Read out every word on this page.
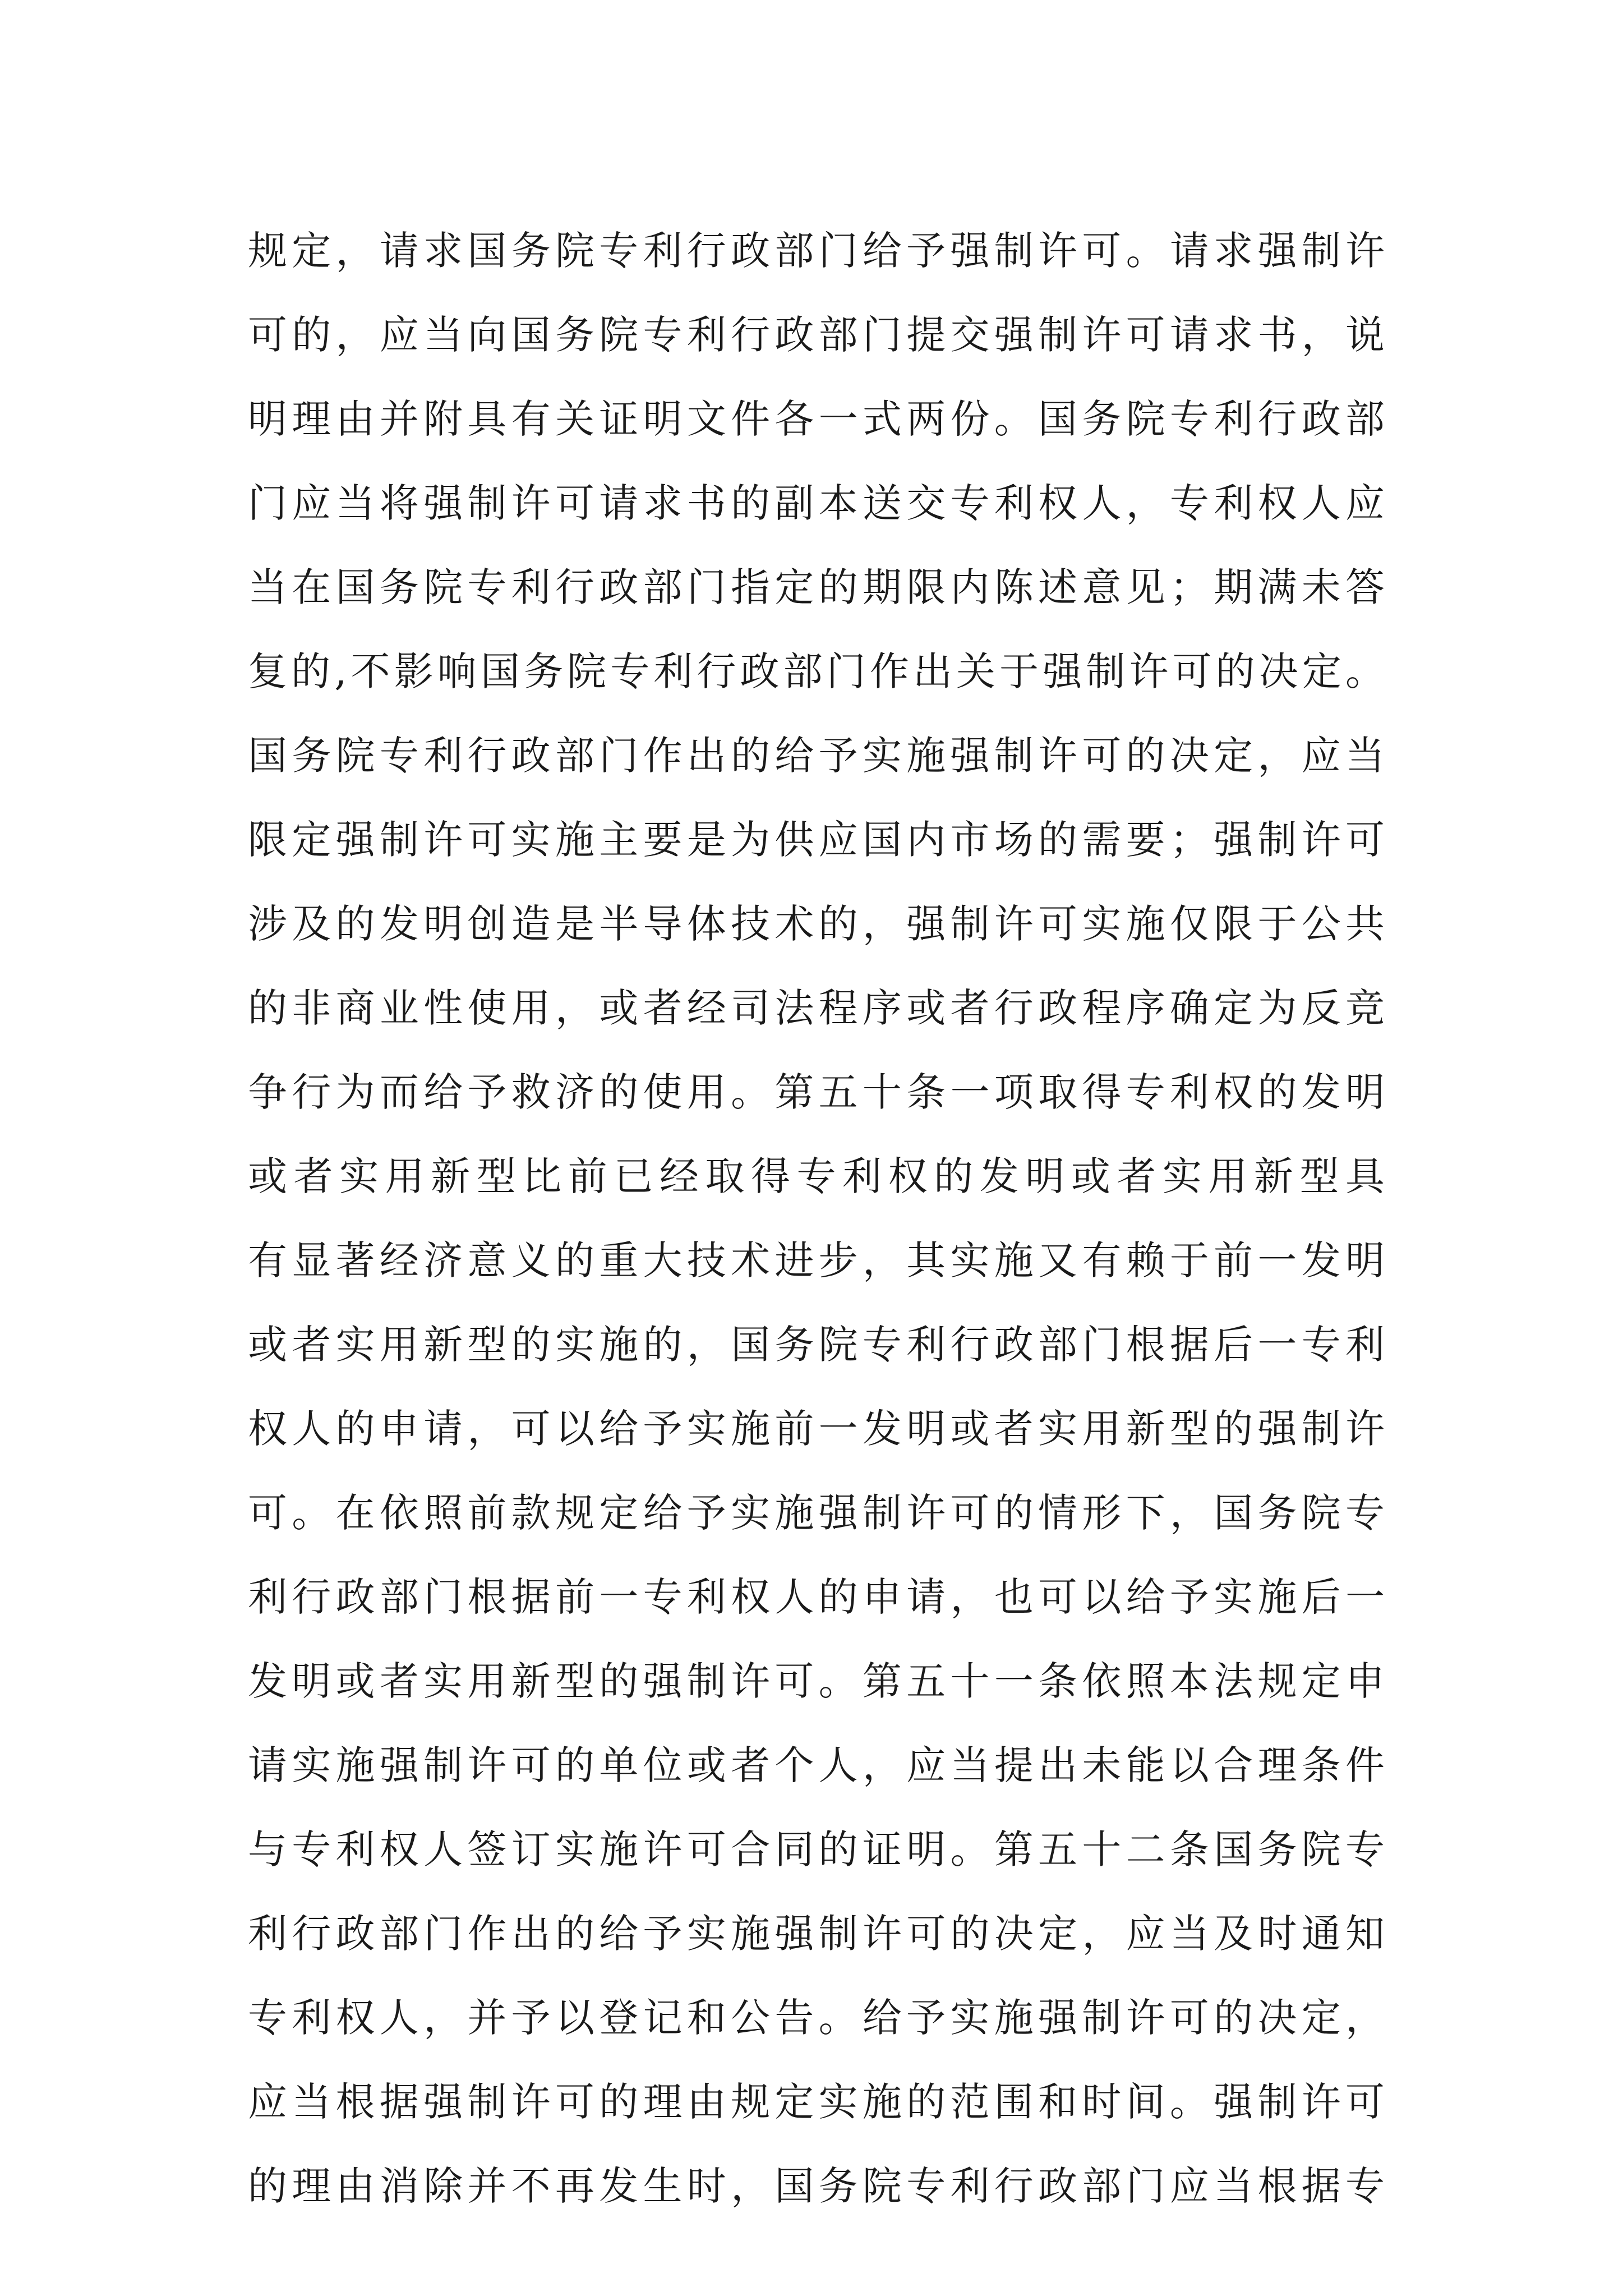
规定，请求国务院专利行政部门给予强制许可。请求强制许
可的，应当向国务院专利行政部门提交强制许可请求书，说
明理由并附具有关证明文件各一式两份。国务院专利行政部
门应当将强制许可请求书的副本送交专利权人，专利权人应
当在国务院专利行政部门指定的期限内陈述意见；期满未答
复的,不影响国务院专利行政部门作出关于强制许可的决定。
国务院专利行政部门作出的给予实施强制许可的决定，应当
限定强制许可实施主要是为供应国内市场的需要；强制许可
涉及的发明创造是半导体技术的，强制许可实施仅限于公共
的非商业性使用，或者经司法程序或者行政程序确定为反竞
争行为而给予救济的使用。第五十条一项取得专利权的发明
或者实用新型比前已经取得专利权的发明或者实用新型具
有显著经济意义的重大技术进步，其实施又有赖于前一发明
或者实用新型的实施的，国务院专利行政部门根据后一专利
权人的申请，可以给予实施前一发明或者实用新型的强制许
可。在依照前款规定给予实施强制许可的情形下，国务院专
利行政部门根据前一专利权人的申请，也可以给予实施后一
发明或者实用新型的强制许可。第五十一条依照本法规定申
请实施强制许可的单位或者个人，应当提出未能以合理条件
与专利权人签订实施许可合同的证明。第五十二条国务院专
利行政部门作出的给予实施强制许可的决定，应当及时通知
专利权人，并予以登记和公告。给予实施强制许可的决定，
应当根据强制许可的理由规定实施的范围和时间。强制许可
的理由消除并不再发生时，国务院专利行政部门应当根据专
